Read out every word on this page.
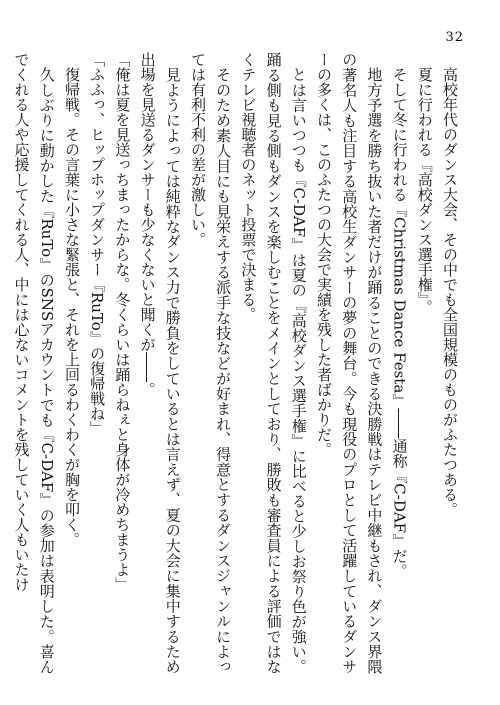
32

高校年代のダンス大会、その中でも全国規模のものがふたつある。

夏に行われる『高校ダンス選手権』。

そして冬に行われる『Christmas Dance Festa』――通称『C-DAF』だ。

地方予選を勝ち抜いた者だけが踊ることのできる決勝戦はテレビ中継もされ、ダンス界隈の著名人も注目する高校生ダンサーの夢の舞台。今も現役のプロとして活躍しているダンサーの多くは、このふたつの大会で実績を残した者ばかりだ。

とは言いつつも『C-DAF』は夏の『高校ダンス選手権』に比べると少しお祭り色が強い。踊る側も見る側もダンスを楽しむことをメインとしており、勝敗も審査員による評価ではなくテレビ視聴者のネット投票で決まる。

そのため素人目にも見栄えする派手な技などが好まれ、得意とするダンスジャンルによっては有利不利の差が激しい。

見ようによっては純粋なダンス力で勝負をしているとは言えず、夏の大会に集中するため出場を見送るダンサーも少なくないと聞くが――。

「俺は夏を見送っちまったからな。冬くらいは踊らねぇと身体が冷めちまうよ」

「ふふっ、ヒップホップダンサー『RuTo』の復帰戦ね」

復帰戦。その言葉に小さな緊張と、それを上回るわくわくが胸を叩く。

久しぶりに動かした『RuTo』のSNSアカウントでも『C-DAF』の参加は表明した。喜んでくれる人や応援してくれる人、中には心ないコメントを残していく人もいたけ
